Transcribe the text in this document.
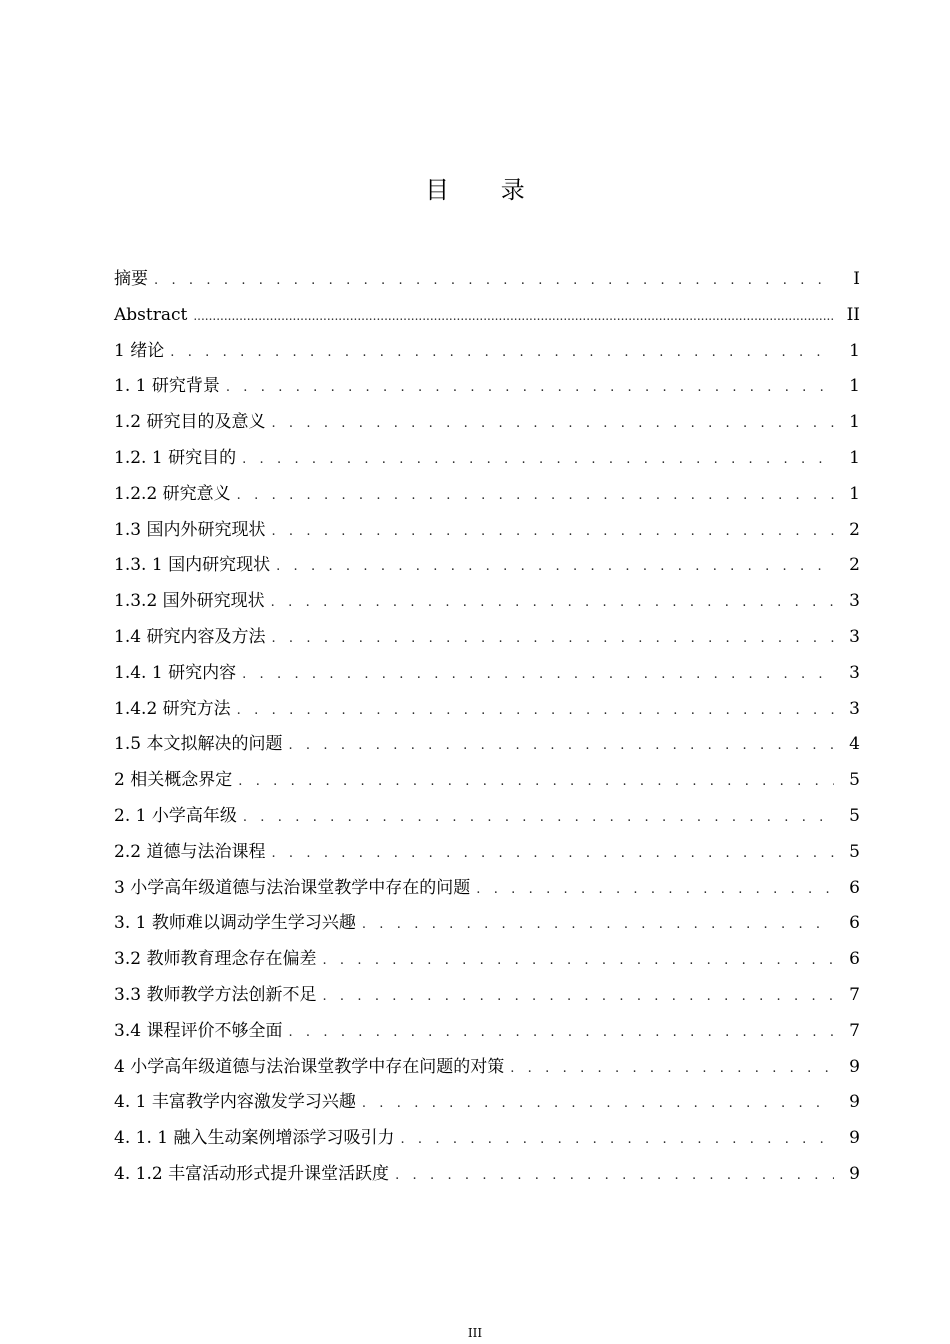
目 录
摘要 . . .	I
Abstract .....	II
1 绪论 . . .	1
1. 1 研究背景 . . .	1
1.2 研究目的及意义 . . .	1
1.2. 1 研究目的 . . .	1
1.2.2 研究意义 . . .	1
1.3 国内外研究现状 . . .	2
1.3. 1 国内研究现状 . . .	2
1.3.2 国外研究现状 . . .	3
1.4 研究内容及方法 . . .	3
1.4. 1 研究内容 . . .	3
1.4.2 研究方法 . . .	3
1.5 本文拟解决的问题 . . .	4
2 相关概念界定 . . .	5
2. 1 小学高年级 . . .	5
2.2 道德与法治课程 . . .	5
3 小学高年级道德与法治课堂教学中存在的问题 . . .	6
3. 1 教师难以调动学生学习兴趣 . . .	6
3.2 教师教育理念存在偏差 . . .	6
3.3 教师教学方法创新不足 . . .	7
3.4 课程评价不够全面 . . .	7
4 小学高年级道德与法治课堂教学中存在问题的对策 . . .	9
4. 1 丰富教学内容激发学习兴趣 . . .	9
4. 1. 1 融入生动案例增添学习吸引力 . . .	9
4. 1.2 丰富活动形式提升课堂活跃度 . . .	9
III
